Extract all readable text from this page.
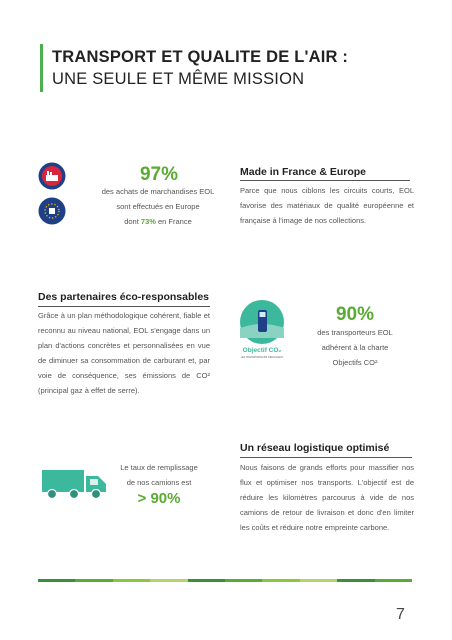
TRANSPORT ET QUALITE DE L'AIR :
UNE SEULE ET MÊME MISSION
97%
des achats de marchandises EOL
sont effectués en Europe
dont 73% en France
Made in France & Europe
Parce que nous ciblons les circuits courts, EOL favorise des matériaux de qualité européenne et française à l'image de nos collections.
Des partenaires éco-responsables
Grâce à un plan méthodologique cohérent, fiable et reconnu au niveau national, EOL s'engage dans un plan d'actions concrètes et personnalisées en vue de diminuer sa consommation de carburant et, par voie de conséquence, ses émissions de CO² (principal gaz à effet de serre).
Objectif CO₂
LES TRANSPORTEURS S'ENGAGENT
90%
des transporteurs EOL
adhérent à la charte
Objectifs CO²
Le taux de remplissage
de nos camions est
> 90%
Un réseau logistique optimisé
Nous faisons de grands efforts pour massifier nos flux et optimiser nos transports. L'objectif est de réduire les kilomètres parcourus à vide de nos camions de retour de livraison et donc d'en limiter les coûts et réduire notre empreinte carbone.
7
